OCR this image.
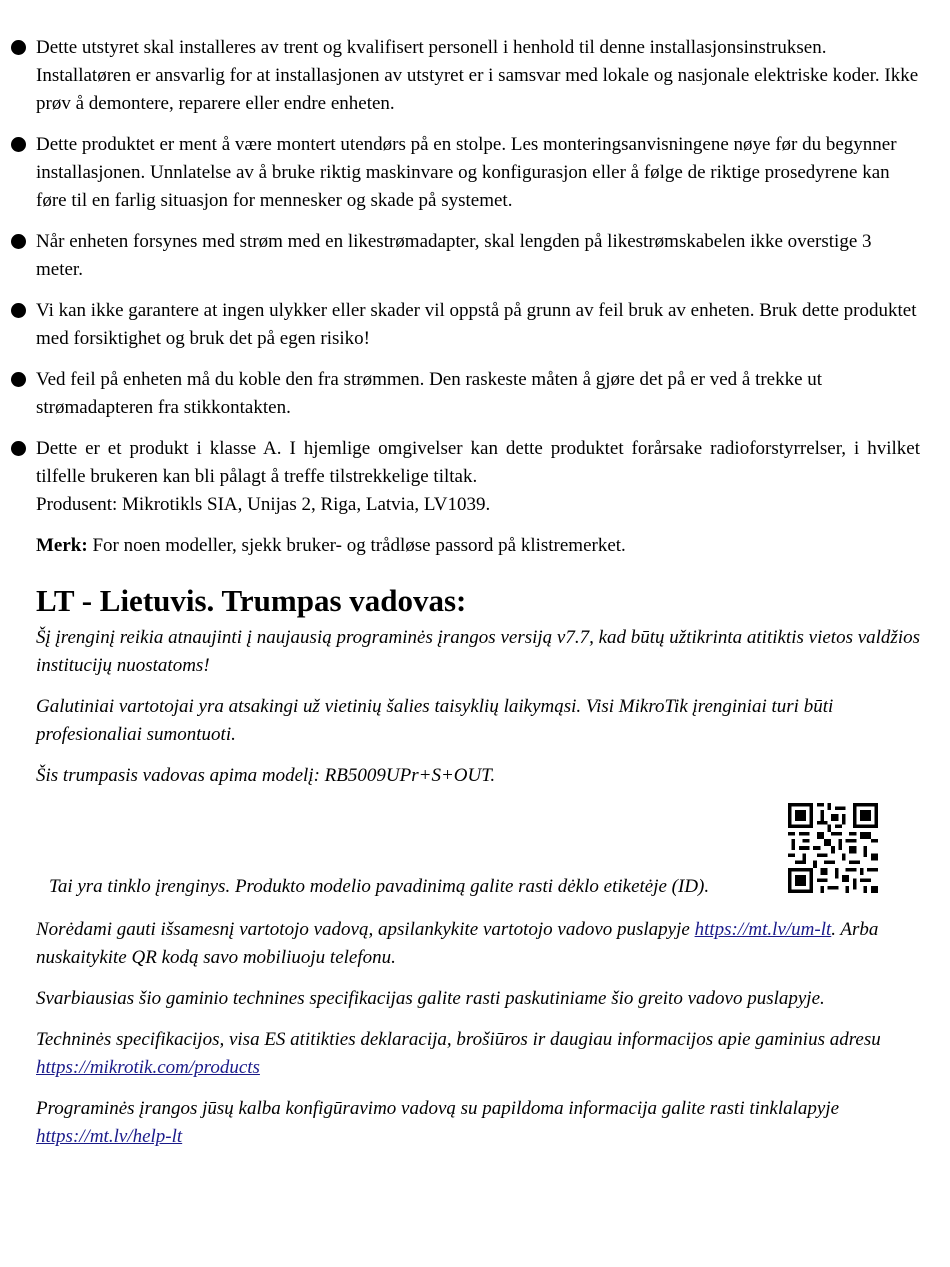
Dette utstyret skal installeres av trent og kvalifisert personell i henhold til denne installasjonsinstruksen. Installatøren er ansvarlig for at installasjonen av utstyret er i samsvar med lokale og nasjonale elektriske koder. Ikke prøv å demontere, reparere eller endre enheten.
Dette produktet er ment å være montert utendørs på en stolpe. Les monteringsanvisningene nøye før du begynner installasjonen. Unnlatelse av å bruke riktig maskinvare og konfigurasjon eller å følge de riktige prosedyrene kan føre til en farlig situasjon for mennesker og skade på systemet.
Når enheten forsynes med strøm med en likestrømadapter, skal lengden på likestrømskabelen ikke overstige 3 meter.
Vi kan ikke garantere at ingen ulykker eller skader vil oppstå på grunn av feil bruk av enheten. Bruk dette produktet med forsiktighet og bruk det på egen risiko!
Ved feil på enheten må du koble den fra strømmen. Den raskeste måten å gjøre det på er ved å trekke ut strømadapteren fra stikkontakten.
Dette er et produkt i klasse A. I hjemlige omgivelser kan dette produktet forårsake radioforstyrrelser, i hvilket tilfelle brukeren kan bli pålagt å treffe tilstrekkelige tiltak.
Produsent: Mikrotikls SIA, Unijas 2, Riga, Latvia, LV1039.
Merk: For noen modeller, sjekk bruker- og trådløse passord på klistremerket.
LT - Lietuvis. Trumpas vadovas:

Šį įrenginį reikia atnaujinti į naujausią programinės įrangos versiją v7.7, kad būtų užtikrinta atitiktis vietos valdžios institucijų nuostatoms!

Galutiniai vartotojai yra atsakingi už vietinių šalies taisyklių laikymąsi. Visi MikroTik įrenginiai turi būti profesionaliai sumontuoti.

Šis trumpasis vadovas apima modelį: RB5009UPr+S+OUT.

Tai yra tinklo įrenginys. Produkto modelio pavadinimą galite rasti dėklo etiketėje (ID).

Norėdami gauti išsamesnį vartotojo vadovą, apsilankykite vartotojo vadovo puslapyje https://mt.lv/um-lt. Arba nuskaitykite QR kodą savo mobiliuoju telefonu.

Svarbiausias šio gaminio technines specifikacijas galite rasti paskutiniame šio greito vadovo puslapyje.

Techninės specifikacijos, visa ES atitikties deklaracija, brošiūros ir daugiau informacijos apie gaminius adresu https://mikrotik.com/products

Programinės įrangos jūsų kalba konfigūravimo vadovą su papildoma informacija galite rasti tinklalapyje https://mt.lv/help-lt
